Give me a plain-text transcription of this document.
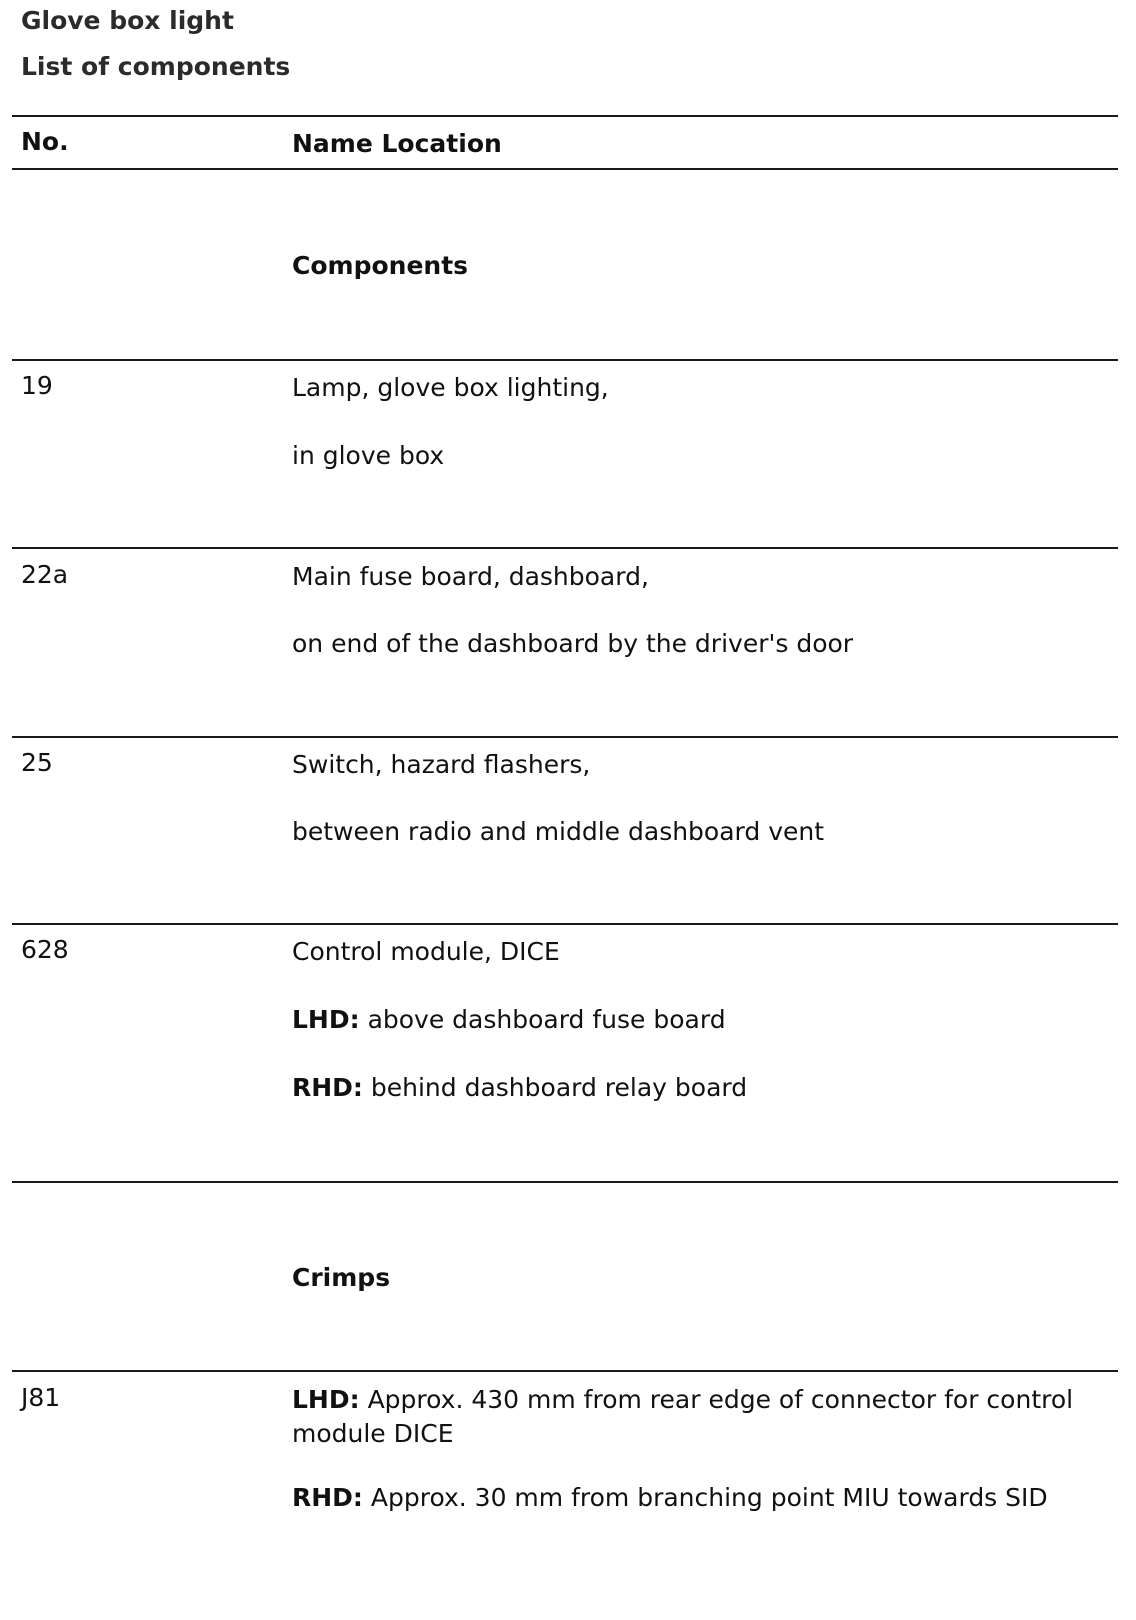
Glove box light
List of components
No.	Name Location
Components
19	Lamp, glove box lighting,
in glove box
22a	Main fuse board, dashboard,
on end of the dashboard by the driver's door
25	Switch, hazard flashers,
between radio and middle dashboard vent
628	Control module, DICE
LHD: above dashboard fuse board
RHD: behind dashboard relay board
Crimps
J81	LHD: Approx. 430 mm from rear edge of connector for control module DICE
RHD: Approx. 30 mm from branching point MIU towards SID
